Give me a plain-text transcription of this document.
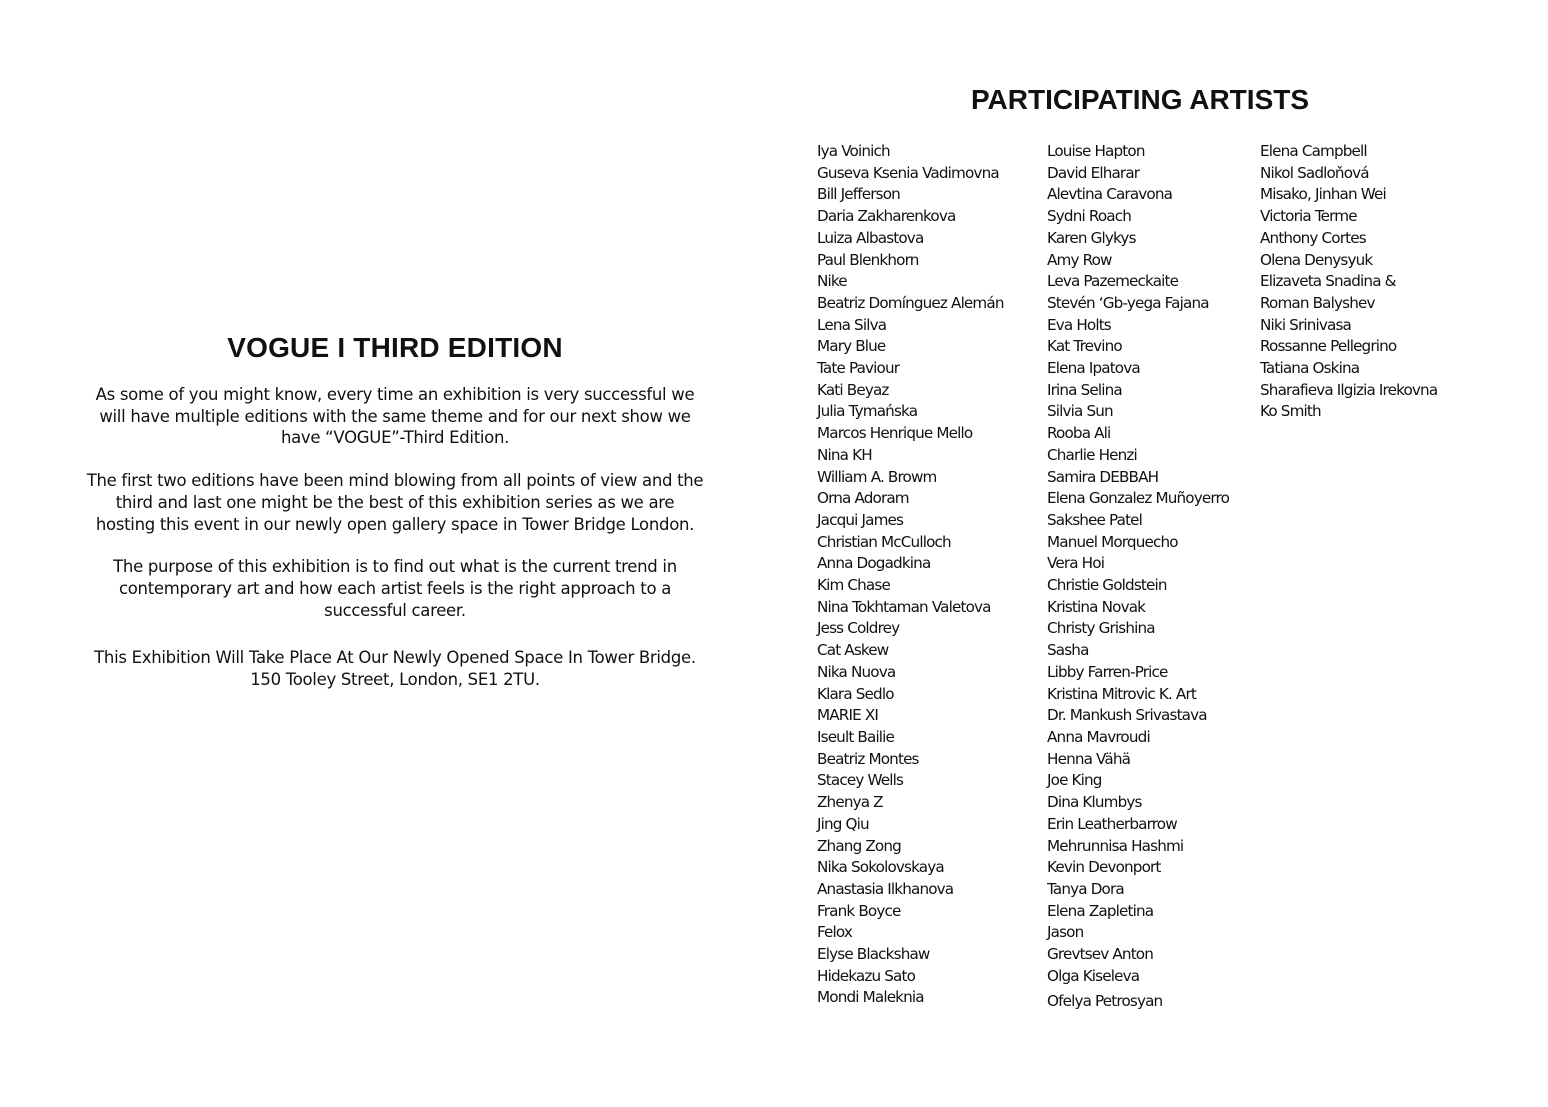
VOGUE I THIRD EDITION

As some of you might know, every time an exhibition is very successful we will have multiple editions with the same theme and for our next show we have “VOGUE”-Third Edition.

The first two editions have been mind blowing from all points of view and the third and last one might be the best of this exhibition series as we are hosting this event in our newly open gallery space in Tower Bridge London.

The purpose of this exhibition is to find out what is the current trend in contemporary art and how each artist feels is the right approach to a successful career.

This Exhibition Will Take Place At Our Newly Opened Space In Tower Bridge. 150 Tooley Street, London, SE1 2TU.

PARTICIPATING ARTISTS
Iya Voinich
Guseva Ksenia Vadimovna
Bill Jefferson
Daria Zakharenkova
Luiza Albastova
Paul Blenkhorn
Nike
Beatriz Domínguez Alemán
Lena Silva
Mary Blue
Tate Paviour
Kati Beyaz
Julia Tymańska
Marcos Henrique Mello
Nina KH
William A. Browm
Orna Adoram
Jacqui James
Christian McCulloch
Anna Dogadkina
Kim Chase
Nina Tokhtaman Valetova
Jess Coldrey
Cat Askew
Nika Nuova
Klara Sedlo
MARIE XI
Iseult Bailie
Beatriz Montes
Stacey Wells
Zhenya Z
Jing Qiu
Zhang Zong
Nika Sokolovskaya
Anastasia Ilkhanova
Frank Boyce
Felox
Elyse Blackshaw
Hidekazu Sato
Mondi Maleknia
Louise Hapton
David Elharar
Alevtina Caravona
Sydni Roach
Karen Glykys
Amy Row
Leva Pazemeckaite
Stevén ‘Gb-yega Fajana
Eva Holts
Kat Trevino
Elena Ipatova
Irina Selina
Silvia Sun
Rooba Ali
Charlie Henzi
Samira DEBBAH
Elena Gonzalez Muñoyerro
Sakshee Patel
Manuel Morquecho
Vera Hoi
Christie Goldstein
Kristina Novak
Christy Grishina
Sasha
Libby Farren-Price
Kristina Mitrovic K. Art
Dr. Mankush Srivastava
Anna Mavroudi
Henna Vähä
Joe King
Dina Klumbys
Erin Leatherbarrow
Mehrunnisa Hashmi
Kevin Devonport
Tanya Dora
Elena Zapletina
Jason
Grevtsev Anton
Olga Kiseleva
Ofelya Petrosyan
Elena Campbell
Nikol Sadloňová
Misako, Jinhan Wei
Victoria Terme
Anthony Cortes
Olena Denysyuk
Elizaveta Snadina &
Roman Balyshev
Niki Srinivasa
Rossanne Pellegrino
Tatiana Oskina
Sharafieva Ilgizia Irekovna
Ko Smith
